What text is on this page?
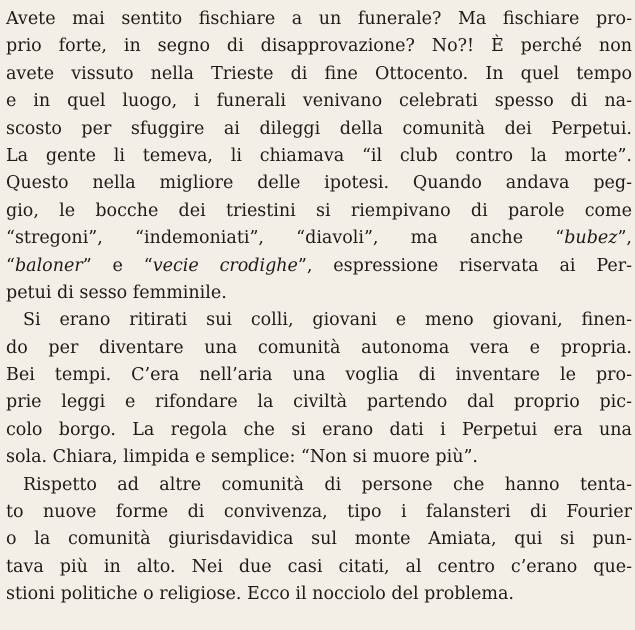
Avete mai sentito fischiare a un funerale? Ma fischiare pro-
prio forte, in segno di disapprovazione? No?! È perché non
avete vissuto nella Trieste di fine Ottocento. In quel tempo
e in quel luogo, i funerali venivano celebrati spesso di na-
scosto per sfuggire ai dileggi della comunità dei Perpetui.
La gente li temeva, li chiamava “il club contro la morte”.
Questo nella migliore delle ipotesi. Quando andava peg-
gio, le bocche dei triestini si riempivano di parole come
“stregoni”, “indemoniati”, “diavoli”, ma anche “bubez”,
“baloner” e “vecie crodighe”, espressione riservata ai Per-
petui di sesso femminile.
Si erano ritirati sui colli, giovani e meno giovani, finen-
do per diventare una comunità autonoma vera e propria.
Bei tempi. C’era nell’aria una voglia di inventare le pro-
prie leggi e rifondare la civiltà partendo dal proprio pic-
colo borgo. La regola che si erano dati i Perpetui era una
sola. Chiara, limpida e semplice: “Non si muore più”.
Rispetto ad altre comunità di persone che hanno tenta-
to nuove forme di convivenza, tipo i falansteri di Fourier
o la comunità giurisdavidica sul monte Amiata, qui si pun-
tava più in alto. Nei due casi citati, al centro c’erano que-
stioni politiche o religiose. Ecco il nocciolo del problema.
